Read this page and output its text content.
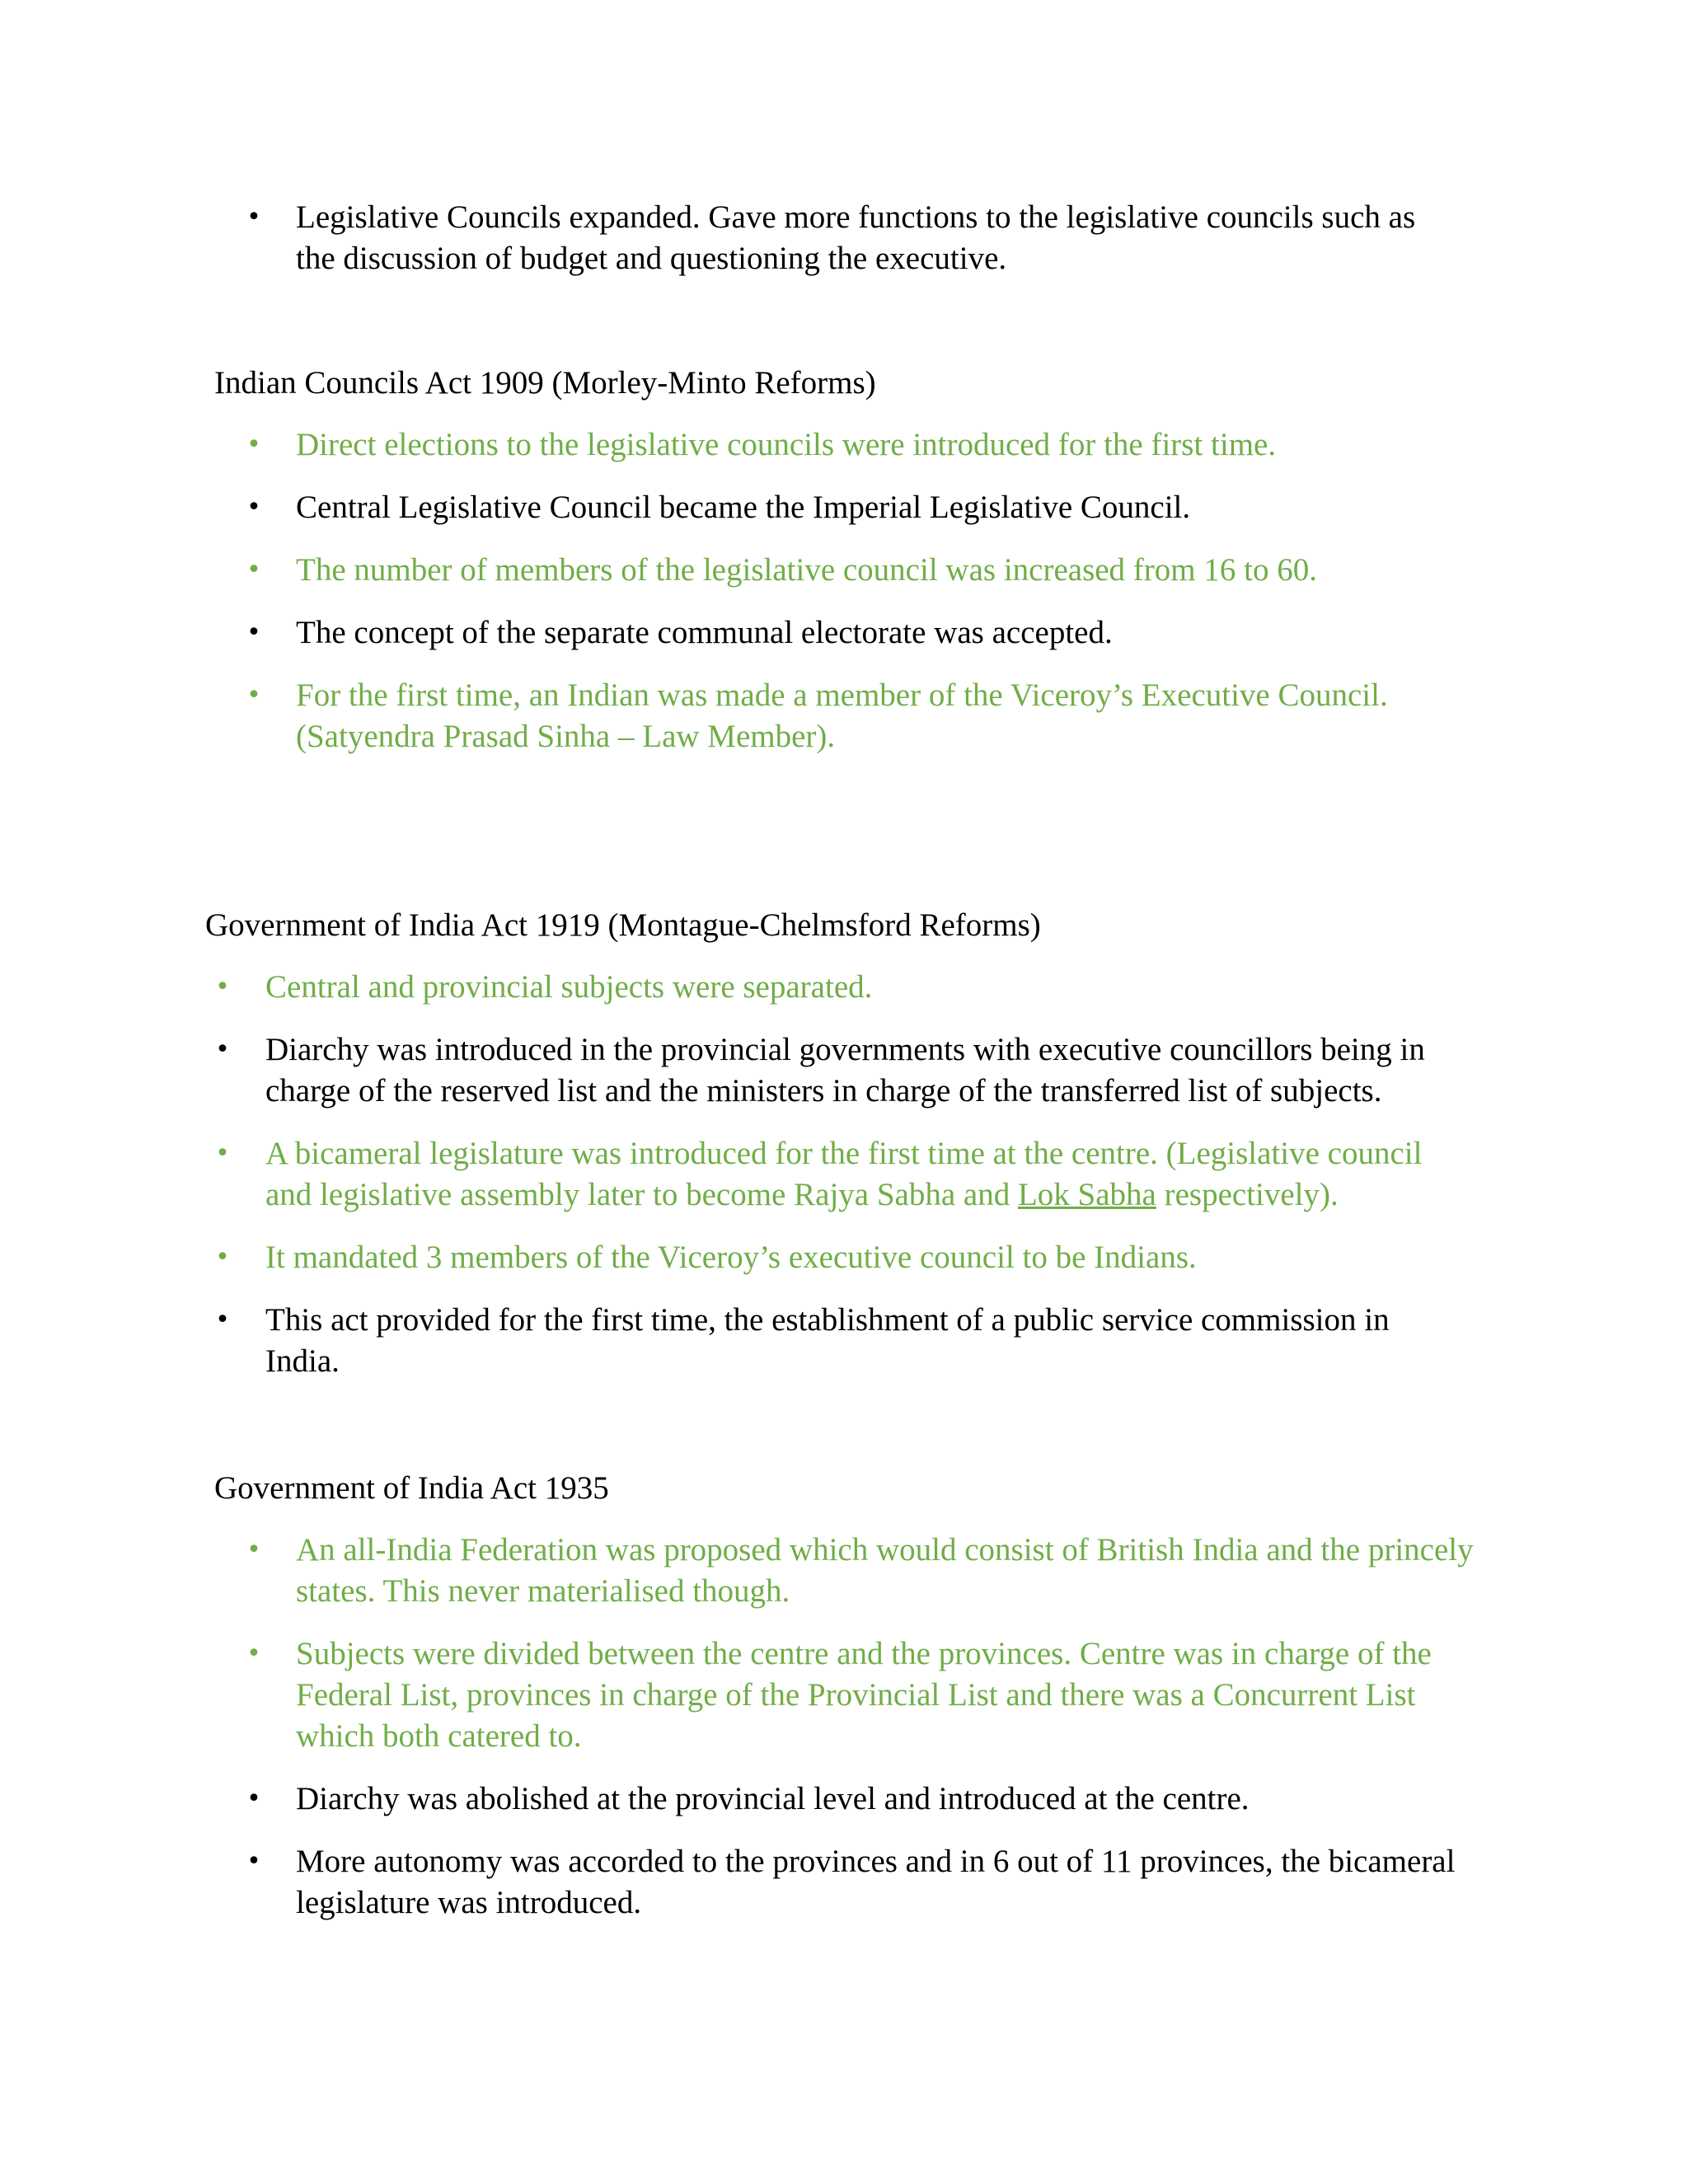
• Legislative Councils expanded. Gave more functions to the legislative councils such as the discussion of budget and questioning the executive.
Indian Councils Act 1909 (Morley-Minto Reforms)
• Direct elections to the legislative councils were introduced for the first time.
• Central Legislative Council became the Imperial Legislative Council.
• The number of members of the legislative council was increased from 16 to 60.
• The concept of the separate communal electorate was accepted.
• For the first time, an Indian was made a member of the Viceroy’s Executive Council. (Satyendra Prasad Sinha – Law Member).
Government of India Act 1919 (Montague-Chelmsford Reforms)
• Central and provincial subjects were separated.
• Diarchy was introduced in the provincial governments with executive councillors being in charge of the reserved list and the ministers in charge of the transferred list of subjects.
• A bicameral legislature was introduced for the first time at the centre. (Legislative council and legislative assembly later to become Rajya Sabha and Lok Sabha respectively).
• It mandated 3 members of the Viceroy’s executive council to be Indians.
• This act provided for the first time, the establishment of a public service commission in India.
Government of India Act 1935
• An all-India Federation was proposed which would consist of British India and the princely states. This never materialised though.
• Subjects were divided between the centre and the provinces. Centre was in charge of the Federal List, provinces in charge of the Provincial List and there was a Concurrent List which both catered to.
• Diarchy was abolished at the provincial level and introduced at the centre.
• More autonomy was accorded to the provinces and in 6 out of 11 provinces, the bicameral legislature was introduced.
